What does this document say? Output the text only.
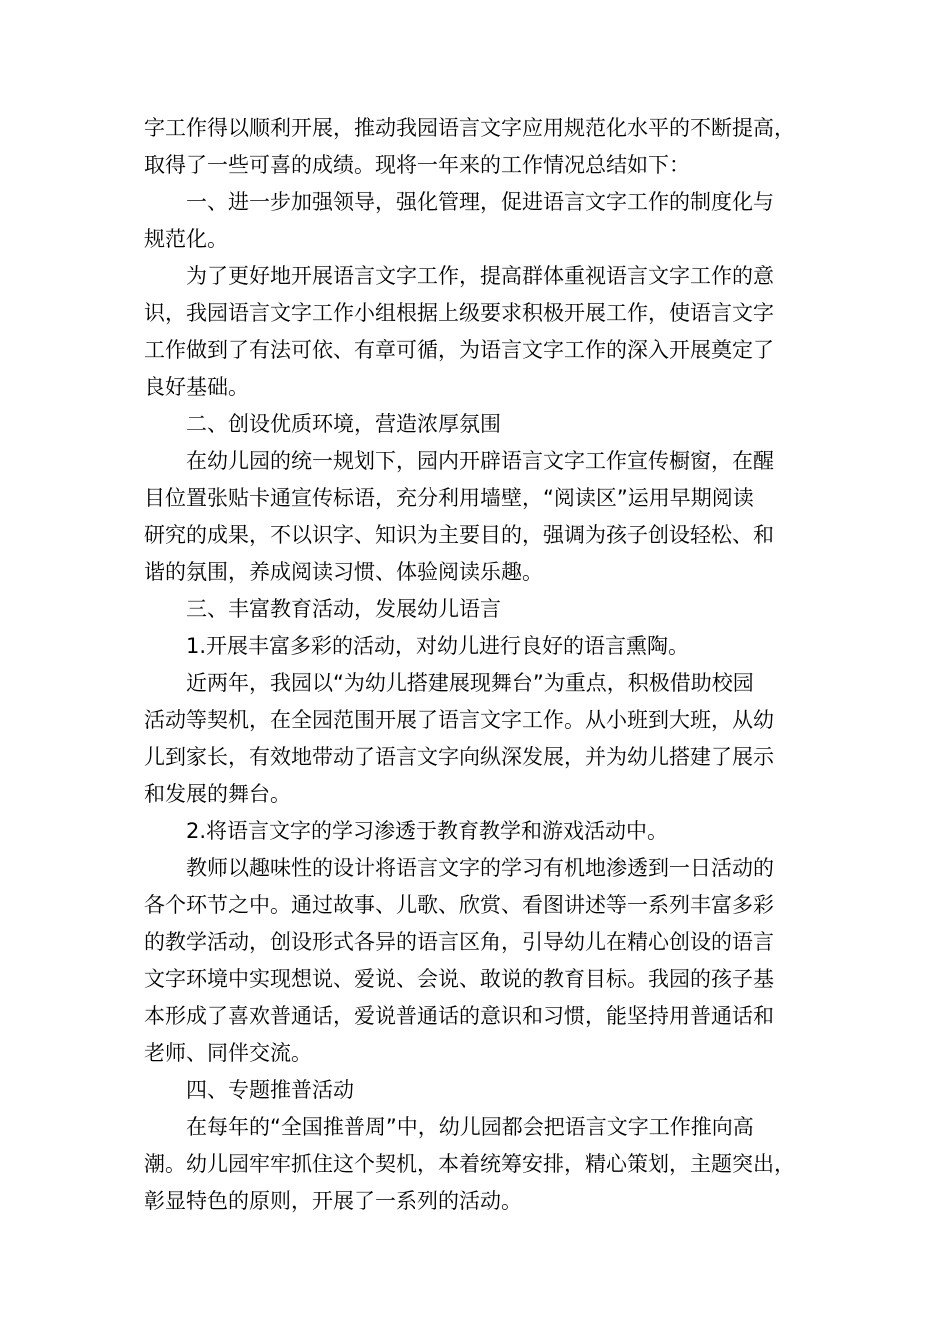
字工作得以顺利开展，推动我园语言文字应用规范化水平的不断提高，

取得了一些可喜的成绩。现将一年来的工作情况总结如下：

一、进一步加强领导，强化管理，促进语言文字工作的制度化与

规范化。

为了更好地开展语言文字工作，提高群体重视语言文字工作的意

识，我园语言文字工作小组根据上级要求积极开展工作，使语言文字

工作做到了有法可依、有章可循，为语言文字工作的深入开展奠定了

良好基础。

二、创设优质环境，营造浓厚氛围

在幼儿园的统一规划下，园内开辟语言文字工作宣传橱窗，在醒

目位置张贴卡通宣传标语，充分利用墙壁，“阅读区”运用早期阅读

研究的成果，不以识字、知识为主要目的，强调为孩子创设轻松、和

谐的氛围，养成阅读习惯、体验阅读乐趣。

三、丰富教育活动，发展幼儿语言

1.开展丰富多彩的活动，对幼儿进行良好的语言熏陶。

近两年，我园以“为幼儿搭建展现舞台”为重点，积极借助校园

活动等契机，在全园范围开展了语言文字工作。从小班到大班，从幼

儿到家长，有效地带动了语言文字向纵深发展，并为幼儿搭建了展示

和发展的舞台。

2.将语言文字的学习渗透于教育教学和游戏活动中。

教师以趣味性的设计将语言文字的学习有机地渗透到一日活动的

各个环节之中。通过故事、儿歌、欣赏、看图讲述等一系列丰富多彩

的教学活动，创设形式各异的语言区角，引导幼儿在精心创设的语言

文字环境中实现想说、爱说、会说、敢说的教育目标。我园的孩子基

本形成了喜欢普通话，爱说普通话的意识和习惯，能坚持用普通话和

老师、同伴交流。

四、专题推普活动

在每年的“全国推普周”中，幼儿园都会把语言文字工作推向高

潮。幼儿园牢牢抓住这个契机，本着统筹安排，精心策划，主题突出，

彰显特色的原则，开展了一系列的活动。
